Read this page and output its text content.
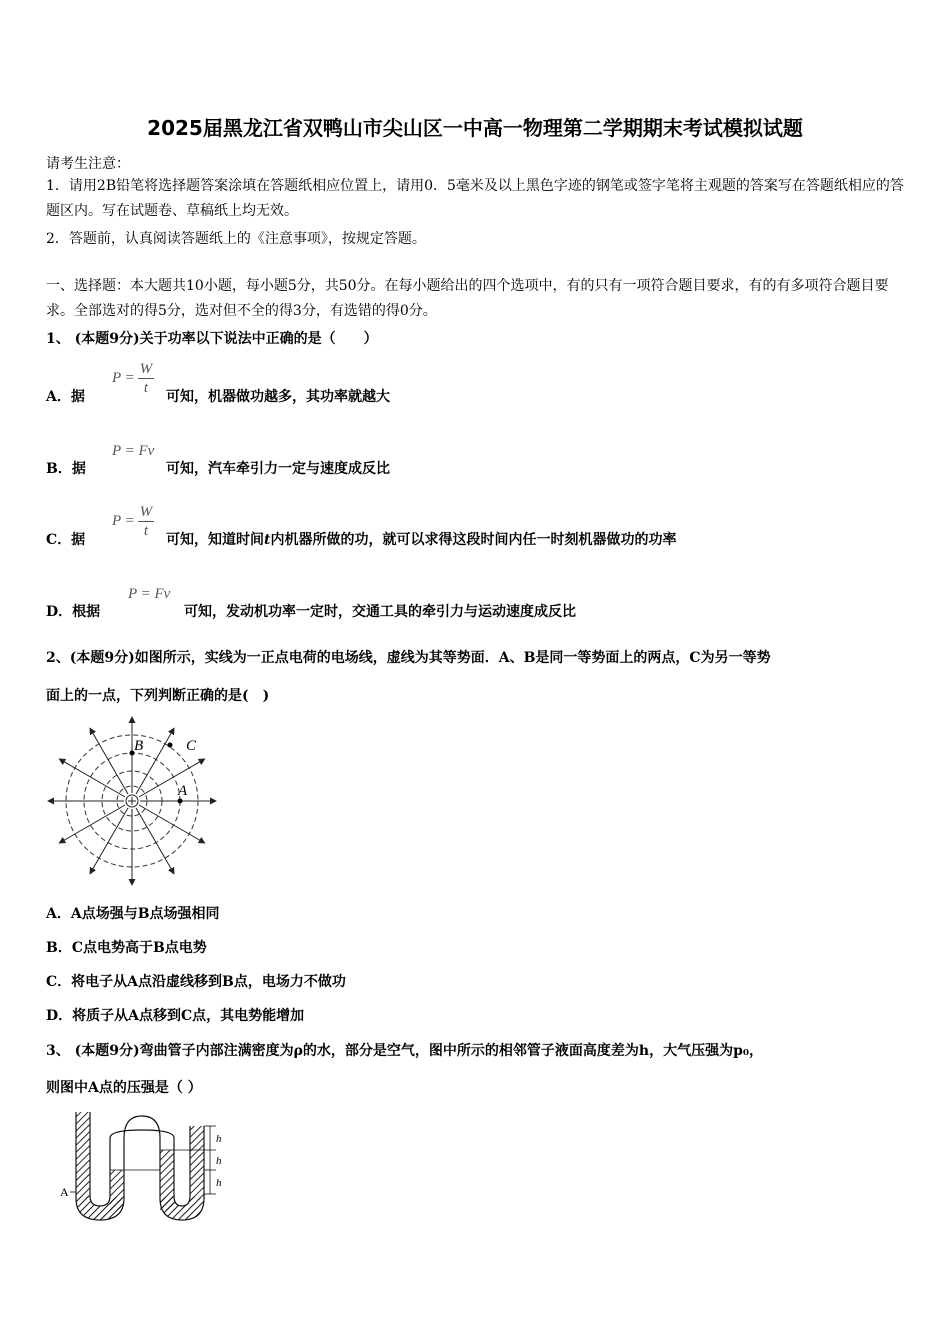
2025届黑龙江省双鸭山市尖山区一中高一物理第二学期期末考试模拟试题
请考生注意：
1．请用2B铅笔将选择题答案涂填在答题纸相应位置上，请用0．5毫米及以上黑色字迹的钢笔或签字笔将主观题的答案写在答题纸相应的答题区内。写在试题卷、草稿纸上均无效。
2．答题前，认真阅读答题纸上的《注意事项》，按规定答题。
一、选择题：本大题共10小题，每小题5分，共50分。在每小题给出的四个选项中，有的只有一项符合题目要求，有的有多项符合题目要求。全部选对的得5分，选对但不全的得3分，有选错的得0分。
1、 (本题9分)关于功率以下说法中正确的是（　　）
A．据
$P = \frac{W}{t}$ 可知，机器做功越多，其功率就越大
B．据
P = Fv
可知，汽车牵引力一定与速度成反比
C．据
$P = \frac{W}{t}$ 可知，知道时间t内机器所做的功，就可以求得这段时间内任一时刻机器做功的功率
D．根据
P = Fv
可知，发动机功率一定时，交通工具的牵引力与运动速度成反比
2、(本题9分)如图所示，实线为一正点电荷的电场线，虚线为其等势面．A、B是同一等势面上的两点，C为另一等势
面上的一点，下列判断正确的是(　)
A
B	C
A．A点场强与B点场强相同
B．C点电势高于B点电势
C．将电子从A点沿虚线移到B点，电场力不做功
D．将质子从A点移到C点，其电势能增加
3、 (本题9分)弯曲管子内部注满密度为ρ的水，部分是空气，图中所示的相邻管子液面高度差为h，大气压强为p₀，
则图中A点的压强是（ ）
h
h
h
A
